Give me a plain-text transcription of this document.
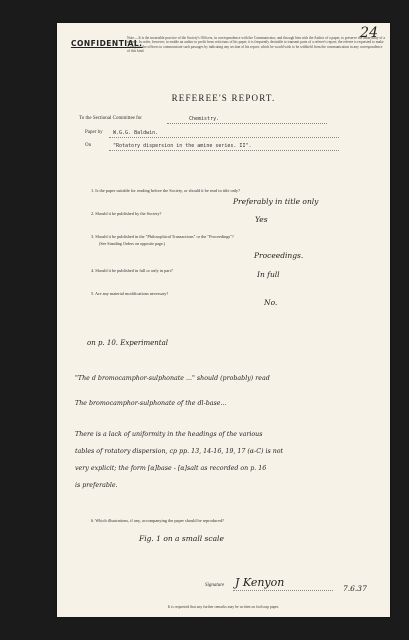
24
CONFIDENTIAL.
Note.—It is the invariable practice of the Society's Officers, in correspondence with the Communicator, and through him with the Author of a paper, to preserve the anonymity of a referee. In order, however, to enable an author to profit from criticisms of his paper, it is frequently desirable to transmit parts of a referee's report; the referee is requested to make it easy for the officers to communicate such passages by indicating any section of his report, which he would wish to be withheld from the communication in any correspondence of this kind.
REFEREE'S REPORT.
To the Sectional Committee for	Chemistry.
Paper by W.G.G. Baldwin.
On	"Rotatory dispersion in the amine series. II".
1. Is the paper suitable for reading before the Society, or should it be read in title only?
Preferably in title only
2. Should it be published by the Society?
Yes
3. Should it be published in the "Philosophical Transactions" or the "Proceedings"?
(See Standing Orders on opposite page.)
Proceedings.
4. Should it be published in full or only in part?	In full
5. Are any material modifications necessary?
No.
on p. 10. Experimental
"The d bromocamphor-sulphonate ..." should (probably) read
The bromocamphor-sulphonate of the dl-base...
There is a lack of uniformity in the headings of the various
tables of rotatory dispersion, cp pp. 13, 14-16, 19, 17 (α-C) is not
very explicit; the form [α]base - [α]salt as recorded on p. 16
is preferable.
6. Which illustrations, if any, accompanying the paper should be reproduced?
Fig. 1 on a small scale
Signature J Kenyon	7.6.37
It is requested that any further remarks may be written on foolscap paper.
